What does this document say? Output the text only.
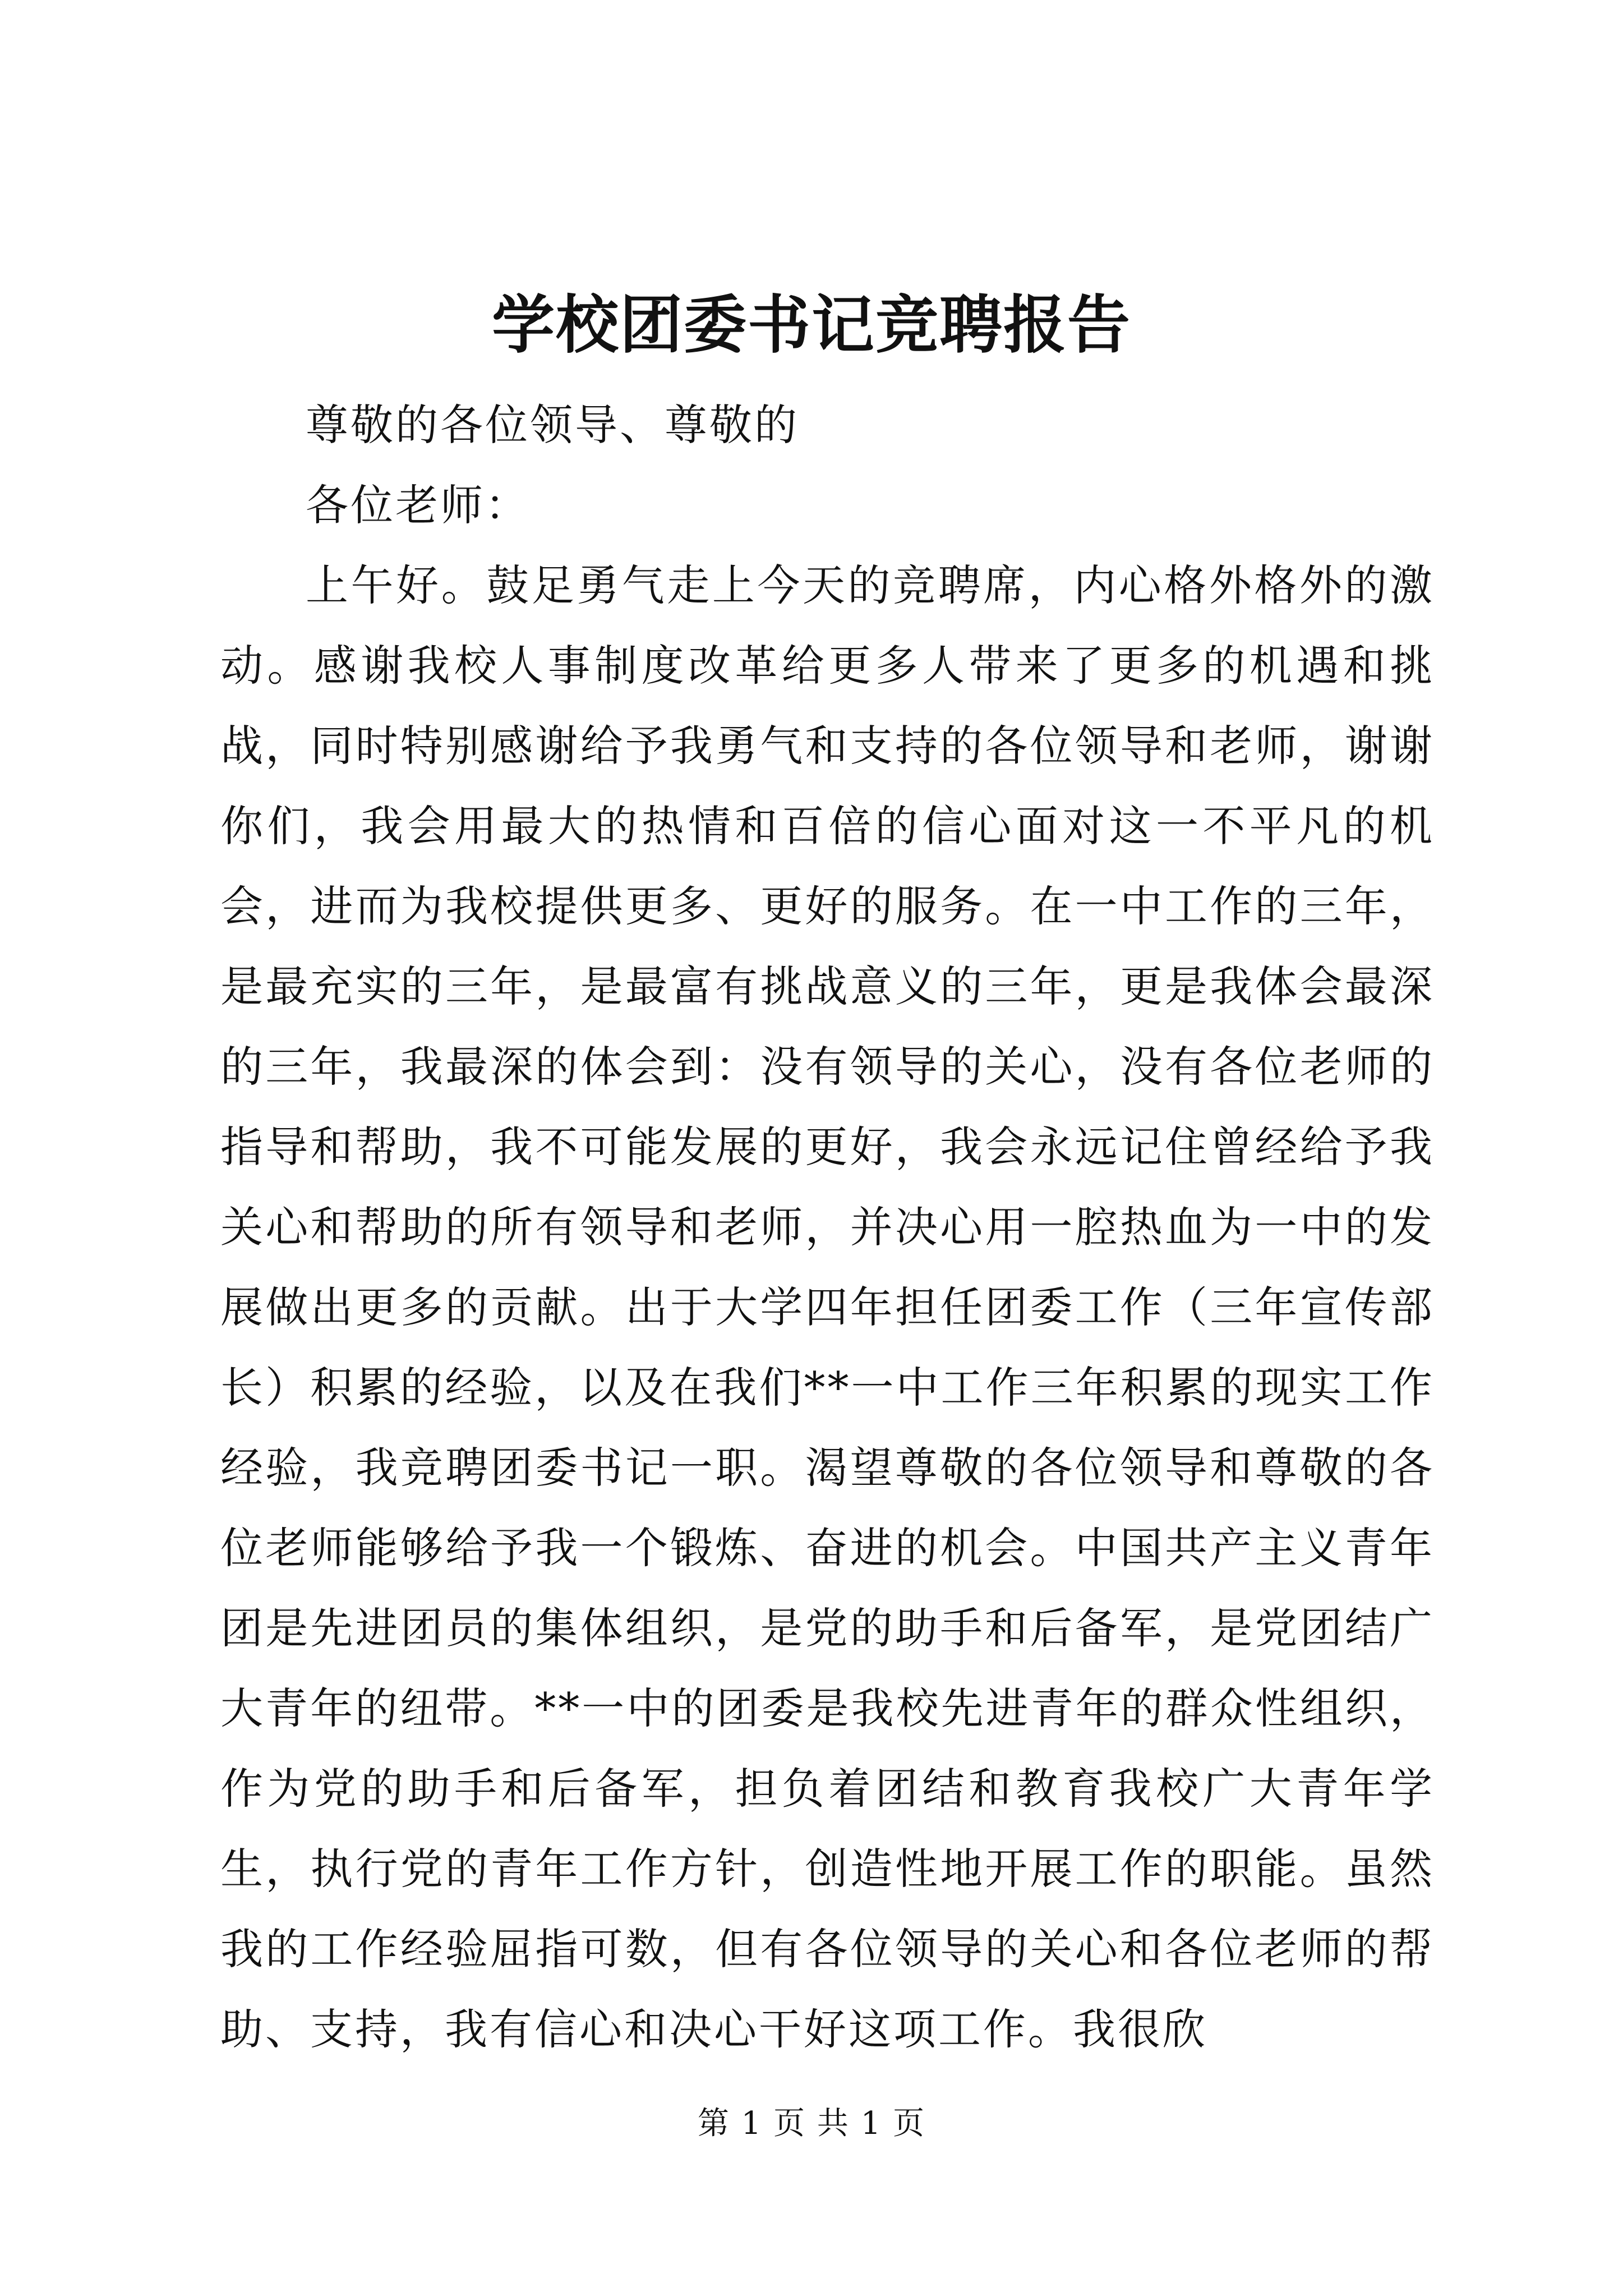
学校团委书记竞聘报告

尊敬的各位领导、尊敬的

各位老师：

上午好。鼓足勇气走上今天的竞聘席，内心格外格外的激动。感谢我校人事制度改革给更多人带来了更多的机遇和挑战，同时特别感谢给予我勇气和支持的各位领导和老师，谢谢你们，我会用最大的热情和百倍的信心面对这一不平凡的机会，进而为我校提供更多、更好的服务。在一中工作的三年，是最充实的三年，是最富有挑战意义的三年，更是我体会最深的三年，我最深的体会到：没有领导的关心，没有各位老师的指导和帮助，我不可能发展的更好，我会永远记住曾经给予我关心和帮助的所有领导和老师，并决心用一腔热血为一中的发展做出更多的贡献。出于大学四年担任团委工作（三年宣传部长）积累的经验，以及在我们**一中工作三年积累的现实工作经验，我竞聘团委书记一职。渴望尊敬的各位领导和尊敬的各位老师能够给予我一个锻炼、奋进的机会。中国共产主义青年团是先进团员的集体组织，是党的助手和后备军，是党团结广大青年的纽带。**一中的团委是我校先进青年的群众性组织，作为党的助手和后备军，担负着团结和教育我校广大青年学生，执行党的青年工作方针，创造性地开展工作的职能。虽然我的工作经验屈指可数，但有各位领导的关心和各位老师的帮助、支持，我有信心和决心干好这项工作。我很欣

第 1 页 共 1 页
